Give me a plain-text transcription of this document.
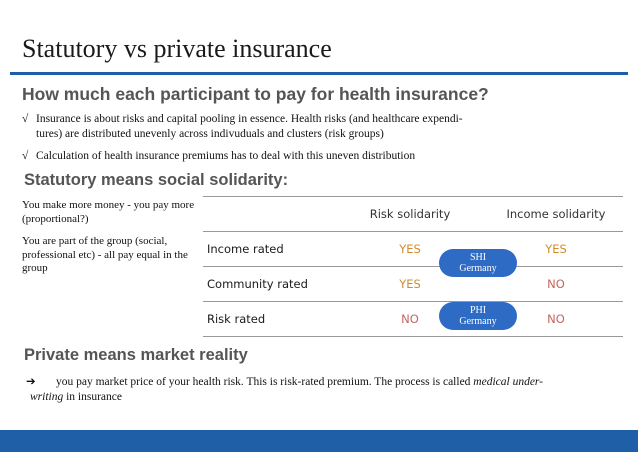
Statutory vs private insurance
How much each participant to pay for health insurance?
√ Insurance is about risks and capital pooling in essence. Health risks (and healthcare expendi-
tures) are distributed unevenly across indivuduals and clusters (risk groups)
√ Calculation of health insurance premiums has to deal with this uneven distribution
Statutory means social solidarity:
You make more money - you pay more (proportional?)
You are part of the group (social, professional etc) - all pay equal in the group
	Risk solidarity	Income solidarity
Income rated	YES	YES
Community rated	YES	NO
Risk rated	NO	NO
SHI
Germany
PHI
Germany
Private means market reality
➔ you pay market price of your health risk. This is risk-rated premium. The process is called medical under-
writing in insurance
